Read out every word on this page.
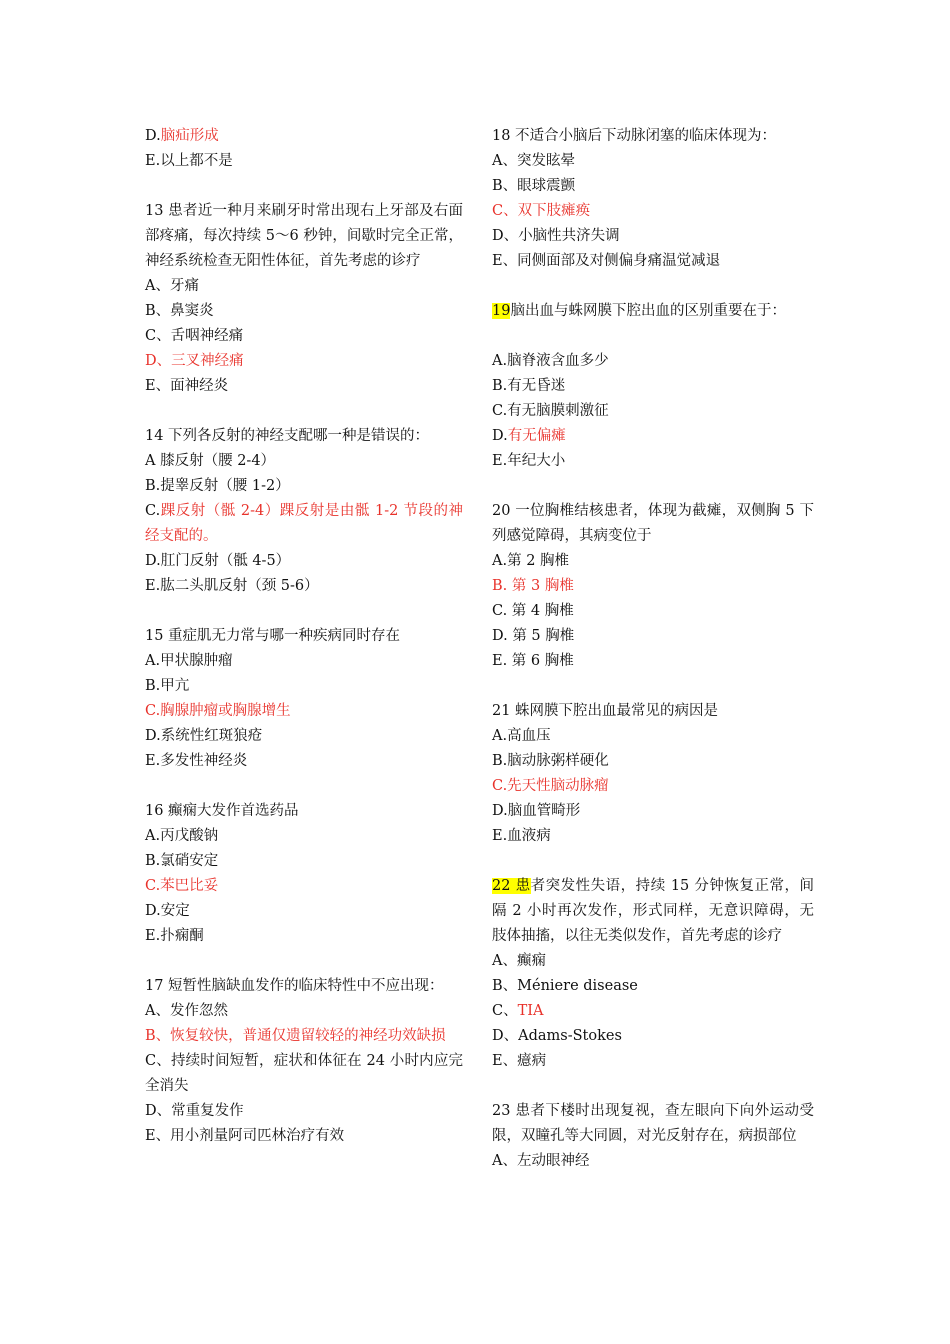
D.脑疝形成
E.以上都不是
13 患者近一种月来刷牙时常出现右上牙部及右面部疼痛，每次持续 5～6 秒钟，间歇时完全正常，神经系统检查无阳性体征，首先考虑的诊疗
A、牙痛
B、鼻窦炎
C、舌咽神经痛
D、三叉神经痛
E、面神经炎
14 下列各反射的神经支配哪一种是错误的：
A 膝反射（腰 2-4）
B.提睾反射（腰 1-2）
C.踝反射（骶 2-4）踝反射是由骶 1-2 节段的神经支配的。
D.肛门反射（骶 4-5）
E.肱二头肌反射（颈 5-6）
15 重症肌无力常与哪一种疾病同时存在
A.甲状腺肿瘤
B.甲亢
C.胸腺肿瘤或胸腺增生
D.系统性红斑狼疮
E.多发性神经炎
16 癫痫大发作首选药品
A.丙戊酸钠
B.氯硝安定
C.苯巴比妥
D.安定
E.扑痫酮
17 短暂性脑缺血发作的临床特性中不应出现：
A、发作忽然
B、恢复较快，普通仅遗留较轻的神经功效缺损
C、持续时间短暂，症状和体征在 24 小时内应完全消失
D、常重复发作
E、用小剂量阿司匹林治疗有效
18 不适合小脑后下动脉闭塞的临床体现为：
A、突发眩晕
B、眼球震颤
C、双下肢瘫痪
D、小脑性共济失调
E、同侧面部及对侧偏身痛温觉减退
19脑出血与蛛网膜下腔出血的区别重要在于：
A.脑脊液含血多少
B.有无昏迷
C.有无脑膜刺激征
D.有无偏瘫
E.年纪大小
20 一位胸椎结核患者，体现为截瘫，双侧胸 5 下列感觉障碍，其病变位于
A.第 2 胸椎
B. 第 3 胸椎
C. 第 4 胸椎
D. 第 5 胸椎
E. 第 6 胸椎
21 蛛网膜下腔出血最常见的病因是
A.高血压
B.脑动脉粥样硬化
C.先天性脑动脉瘤
D.脑血管畸形
E.血液病
22 患者突发性失语，持续 15 分钟恢复正常，间隔 2 小时再次发作，形式同样，无意识障碍，无肢体抽搐，以往无类似发作，首先考虑的诊疗
A、癫痫
B、Méniere disease
C、TIA
D、Adams-Stokes
E、癔病
23 患者下楼时出现复视，查左眼向下向外运动受限，双瞳孔等大同圆，对光反射存在，病损部位
A、左动眼神经
